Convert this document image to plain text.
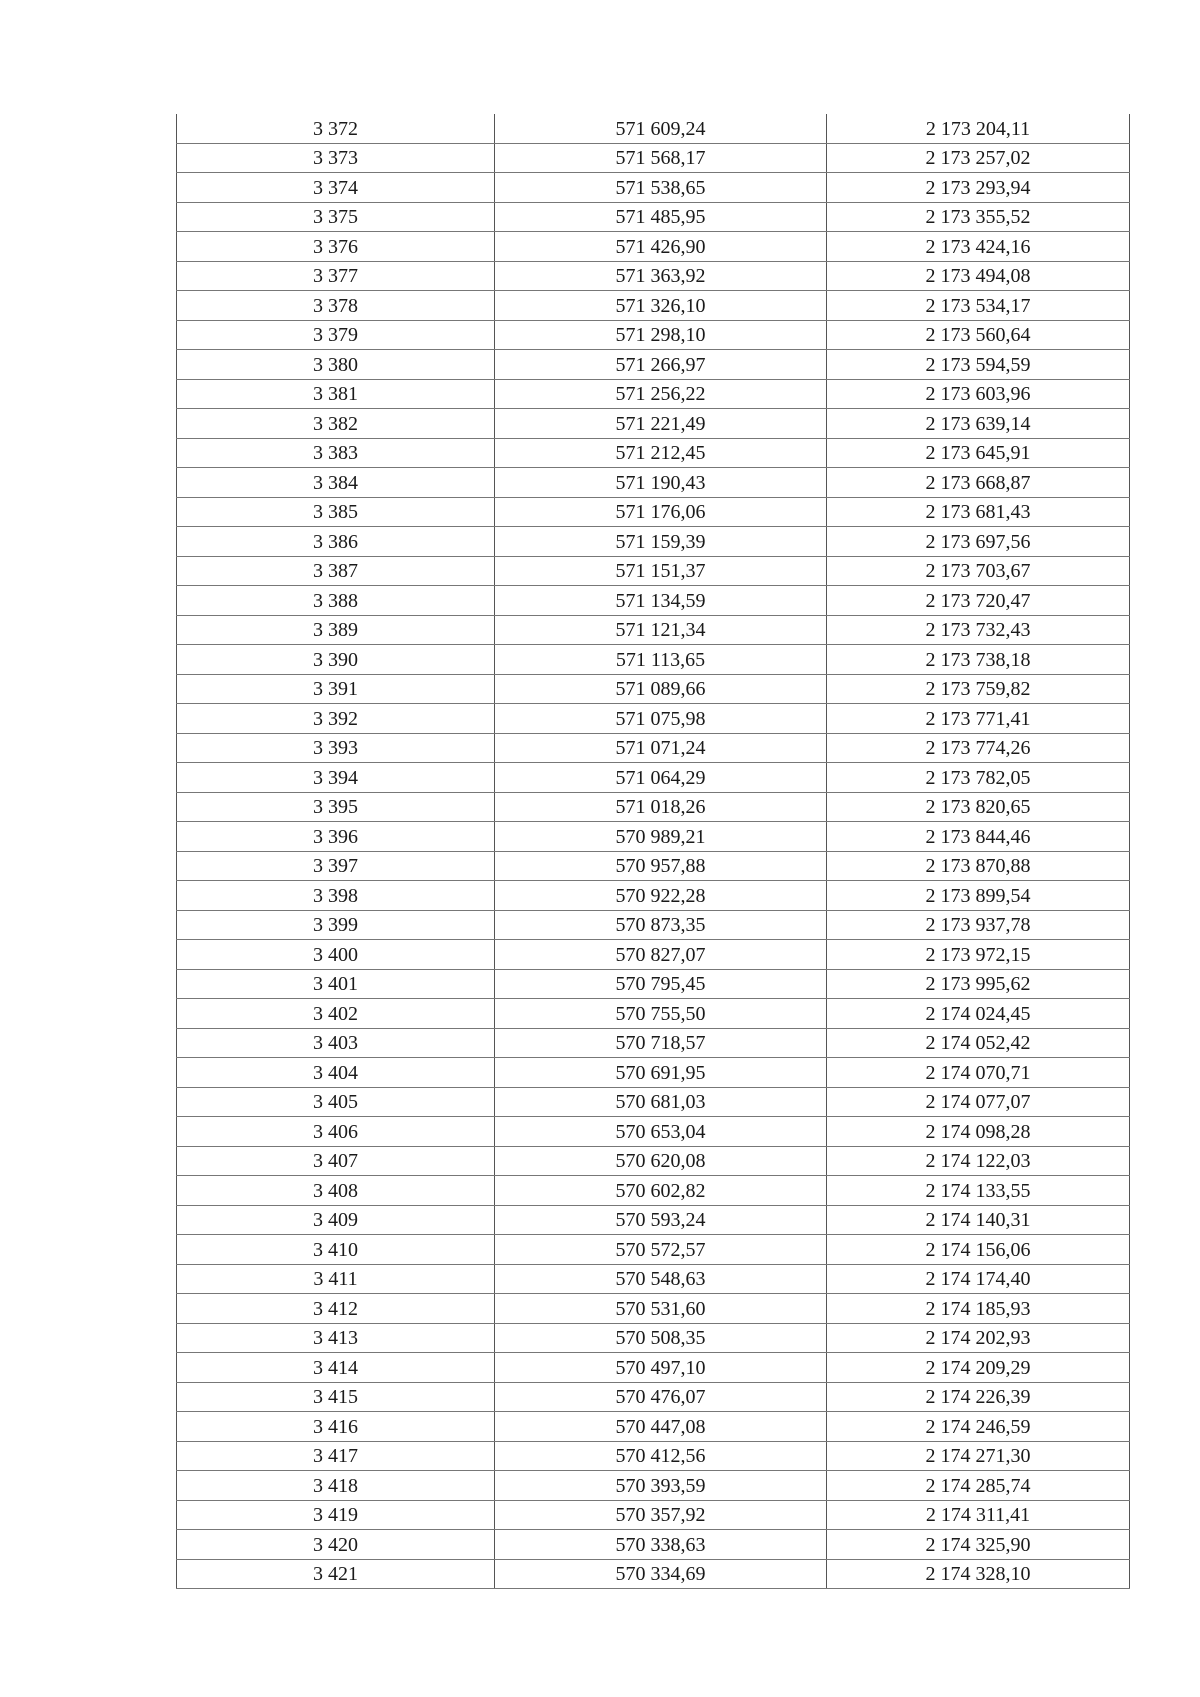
3 372	571 609,24	2 173 204,11
3 373	571 568,17	2 173 257,02
3 374	571 538,65	2 173 293,94
3 375	571 485,95	2 173 355,52
3 376	571 426,90	2 173 424,16
3 377	571 363,92	2 173 494,08
3 378	571 326,10	2 173 534,17
3 379	571 298,10	2 173 560,64
3 380	571 266,97	2 173 594,59
3 381	571 256,22	2 173 603,96
3 382	571 221,49	2 173 639,14
3 383	571 212,45	2 173 645,91
3 384	571 190,43	2 173 668,87
3 385	571 176,06	2 173 681,43
3 386	571 159,39	2 173 697,56
3 387	571 151,37	2 173 703,67
3 388	571 134,59	2 173 720,47
3 389	571 121,34	2 173 732,43
3 390	571 113,65	2 173 738,18
3 391	571 089,66	2 173 759,82
3 392	571 075,98	2 173 771,41
3 393	571 071,24	2 173 774,26
3 394	571 064,29	2 173 782,05
3 395	571 018,26	2 173 820,65
3 396	570 989,21	2 173 844,46
3 397	570 957,88	2 173 870,88
3 398	570 922,28	2 173 899,54
3 399	570 873,35	2 173 937,78
3 400	570 827,07	2 173 972,15
3 401	570 795,45	2 173 995,62
3 402	570 755,50	2 174 024,45
3 403	570 718,57	2 174 052,42
3 404	570 691,95	2 174 070,71
3 405	570 681,03	2 174 077,07
3 406	570 653,04	2 174 098,28
3 407	570 620,08	2 174 122,03
3 408	570 602,82	2 174 133,55
3 409	570 593,24	2 174 140,31
3 410	570 572,57	2 174 156,06
3 411	570 548,63	2 174 174,40
3 412	570 531,60	2 174 185,93
3 413	570 508,35	2 174 202,93
3 414	570 497,10	2 174 209,29
3 415	570 476,07	2 174 226,39
3 416	570 447,08	2 174 246,59
3 417	570 412,56	2 174 271,30
3 418	570 393,59	2 174 285,74
3 419	570 357,92	2 174 311,41
3 420	570 338,63	2 174 325,90
3 421	570 334,69	2 174 328,10
